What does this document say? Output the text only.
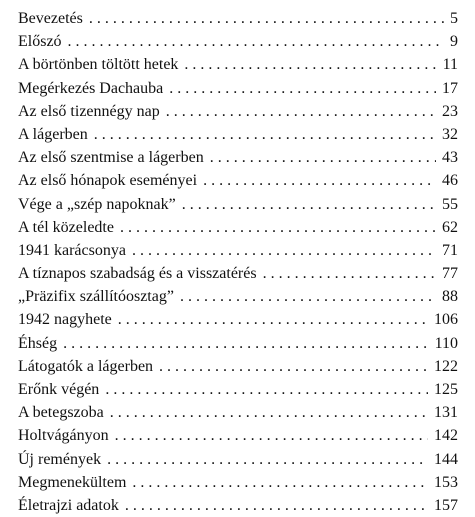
Bevezetés . . .	5
Előszó . . .	9
A börtönben töltött hetek . . .	11
Megérkezés Dachauba . . .	17
Az első tizennégy nap . . .	23
A lágerben . . .	32
Az első szentmise a lágerben . . .	43
Az első hónapok eseményei . . .	46
Vége a „szép napoknak” . . .	55
A tél közeledte . . .	62
1941 karácsonya . . .	71
A tíznapos szabadság és a visszatérés . . .	77
„Präzifix szállítóosztag” . . .	88
1942 nagyhete . . .	106
Éhség . . .	110
Látogatók a lágerben . . .	122
Erőnk végén . . .	125
A betegszoba . . .	131
Holtvágányon . . .	142
Új remények . . .	144
Megmenekültem . . .	153
Életrajzi adatok . . .	157
